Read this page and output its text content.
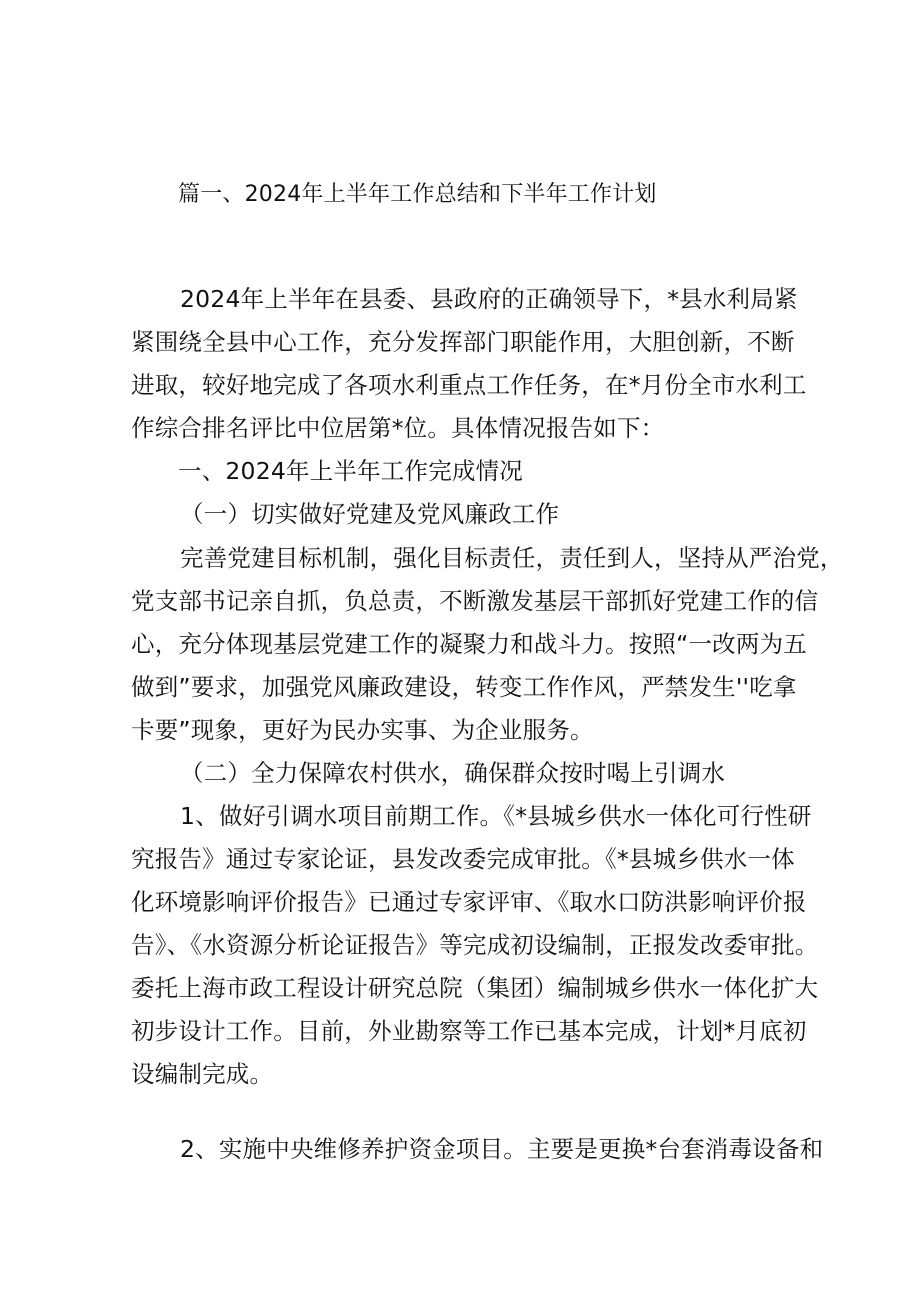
篇一、2024年上半年工作总结和下半年工作计划
2024年上半年在县委、县政府的正确领导下，*县水利局紧
紧围绕全县中心工作，充分发挥部门职能作用，大胆创新，不断
进取，较好地完成了各项水利重点工作任务，在*月份全市水利工
作综合排名评比中位居第*位。具体情况报告如下：
一、2024年上半年工作完成情况
（一）切实做好党建及党风廉政工作
完善党建目标机制，强化目标责任，责任到人，坚持从严治党，
党支部书记亲自抓，负总责，不断激发基层干部抓好党建工作的信
心，充分体现基层党建工作的凝聚力和战斗力。按照“一改两为五
做到”要求，加强党风廉政建设，转变工作作风，严禁发生''吃拿
卡要”现象，更好为民办实事、为企业服务。
（二）全力保障农村供水，确保群众按时喝上引调水
1、做好引调水项目前期工作。《*县城乡供水一体化可行性研
究报告》通过专家论证，县发改委完成审批。《*县城乡供水一体
化环境影响评价报告》已通过专家评审、《取水口防洪影响评价报
告》、《水资源分析论证报告》等完成初设编制，正报发改委审批。
委托上海市政工程设计研究总院（集团）编制城乡供水一体化扩大
初步设计工作。目前，外业勘察等工作已基本完成，计划*月底初
设编制完成。
2、实施中央维修养护资金项目。主要是更换*台套消毒设备和
